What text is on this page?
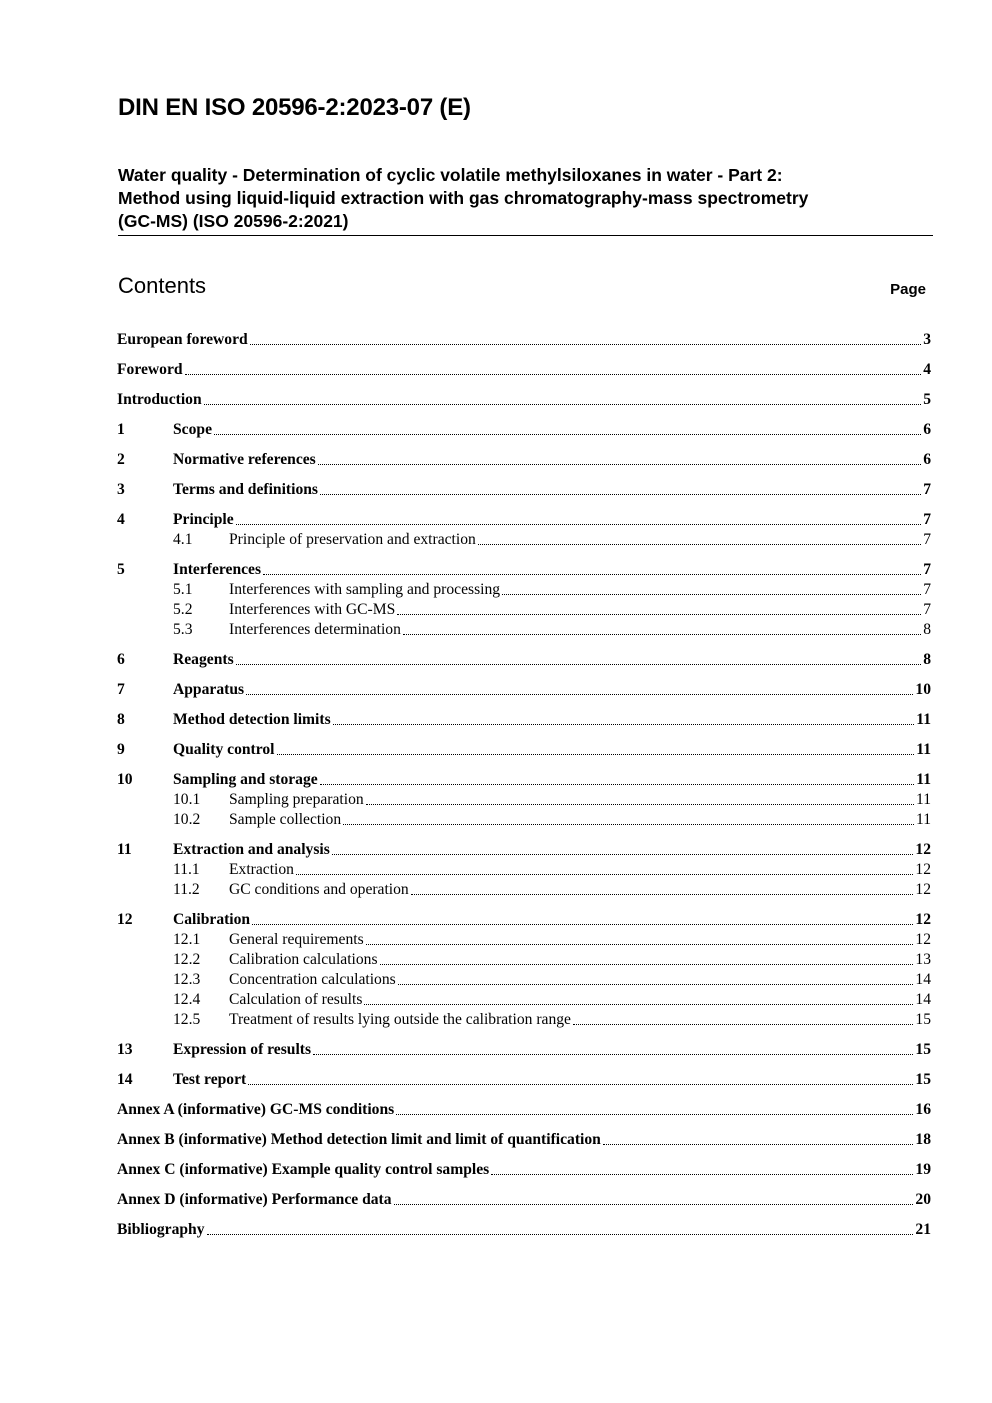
DIN EN ISO 20596-2:2023-07 (E)
Water quality - Determination of cyclic volatile methylsiloxanes in water - Part 2:
Method using liquid-liquid extraction with gas chromatography-mass spectrometry
(GC-MS) (ISO 20596-2:2021)
Contents	Page
European foreword	3
Foreword	4
Introduction	5
1	Scope	6
2	Normative references	6
3	Terms and definitions	7
4	Principle	7
4.1	Principle of preservation and extraction	7
5	Interferences	7
5.1	Interferences with sampling and processing	7
5.2	Interferences with GC-MS	7
5.3	Interferences determination	8
6	Reagents	8
7	Apparatus	10
8	Method detection limits	11
9	Quality control	11
10	Sampling and storage	11
10.1	Sampling preparation	11
10.2	Sample collection	11
11	Extraction and analysis	12
11.1	Extraction	12
11.2	GC conditions and operation	12
12	Calibration	12
12.1	General requirements	12
12.2	Calibration calculations	13
12.3	Concentration calculations	14
12.4	Calculation of results	14
12.5	Treatment of results lying outside the calibration range	15
13	Expression of results	15
14	Test report	15
Annex A (informative) GC-MS conditions	16
Annex B (informative) Method detection limit and limit of quantification	18
Annex C (informative) Example quality control samples	19
Annex D (informative) Performance data	20
Bibliography	21
